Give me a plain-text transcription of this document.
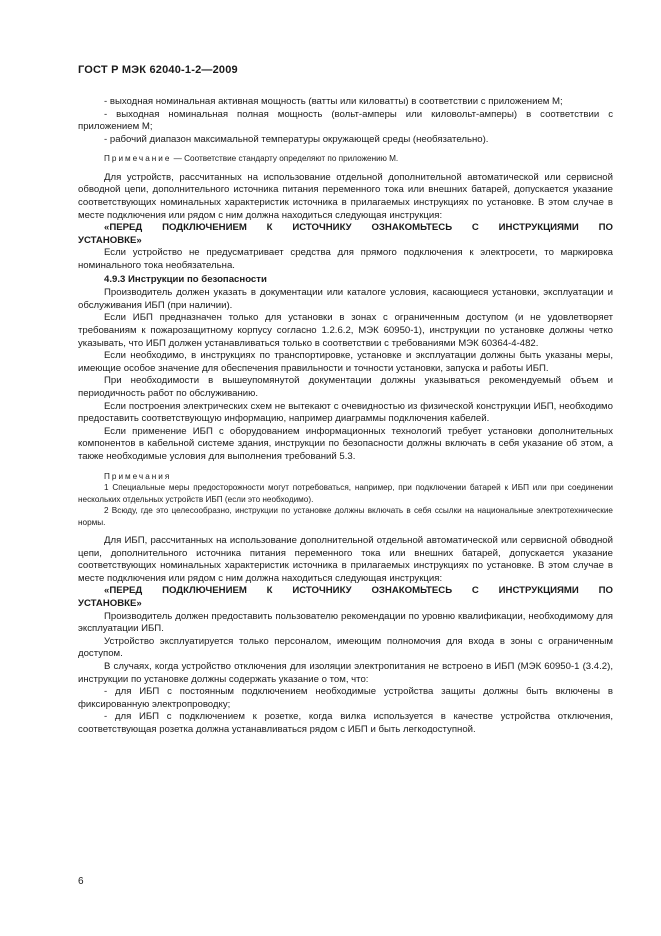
ГОСТ Р МЭК 62040-1-2—2009

- выходная номинальная активная мощность (ватты или киловатты) в соответствии с приложением М;

- выходная номинальная полная мощность (вольт-амперы или киловольт-амперы) в соответствии с приложением М;

- рабочий диапазон максимальной температуры окружающей среды (необязательно).

Примечание — Соответствие стандарту определяют по приложению М.

Для устройств, рассчитанных на использование отдельной дополнительной автоматической или сервисной обводной цепи, дополнительного источника питания переменного тока или внешних батарей, допускается указание соответствующих номинальных характеристик источника в прилагаемых инструкциях по установке. В этом случае в месте подключения или рядом с ним должна находиться следующая инструкция:

«ПЕРЕД ПОДКЛЮЧЕНИЕМ К ИСТОЧНИКУ ОЗНАКОМЬТЕСЬ С ИНСТРУКЦИЯМИ ПО

УСТАНОВКЕ»

Если устройство не предусматривает средства для прямого подключения к электросети, то маркировка номинального тока необязательна.

4.9.3 Инструкции по безопасности

Производитель должен указать в документации или каталоге условия, касающиеся установки, эксплуатации и обслуживания ИБП (при наличии).

Если ИБП предназначен только для установки в зонах с ограниченным доступом (и не удовлетворяет требованиям к пожарозащитному корпусу согласно 1.2.6.2, МЭК 60950-1), инструкции по установке должны четко указывать, что ИБП должен устанавливаться только в соответствии с требованиями МЭК 60364-4-482.

Если необходимо, в инструкциях по транспортировке, установке и эксплуатации должны быть указаны меры, имеющие особое значение для обеспечения правильности и точности установки, запуска и работы ИБП.

При необходимости в вышеупомянутой документации должны указываться рекомендуемый объем и периодичность работ по обслуживанию.

Если построения электрических схем не вытекают с очевидностью из физической конструкции ИБП, необходимо предоставить соответствующую информацию, например диаграммы подключения кабелей.

Если применение ИБП с оборудованием информационных технологий требует установки дополнительных компонентов в кабельной системе здания, инструкции по безопасности должны включать в себя указание об этом, а также необходимые условия для выполнения требований 5.3.

Примечания

1 Специальные меры предосторожности могут потребоваться, например, при подключении батарей к ИБП или при соединении нескольких отдельных устройств ИБП (если это необходимо).

2 Всюду, где это целесообразно, инструкции по установке должны включать в себя ссылки на национальные электротехнические нормы.

Для ИБП, рассчитанных на использование дополнительной отдельной автоматической или сервисной обводной цепи, дополнительного источника питания переменного тока или внешних батарей, допускается указание соответствующих номинальных характеристик источника в прилагаемых инструкциях по установке. В этом случае в месте подключения или рядом с ним должна находиться следующая инструкция:

«ПЕРЕД ПОДКЛЮЧЕНИЕМ К ИСТОЧНИКУ ОЗНАКОМЬТЕСЬ С ИНСТРУКЦИЯМИ ПО

УСТАНОВКЕ»

Производитель должен предоставить пользователю рекомендации по уровню квалификации, необходимому для эксплуатации ИБП.

Устройство эксплуатируется только персоналом, имеющим полномочия для входа в зоны с ограниченным доступом.

В случаях, когда устройство отключения для изоляции электропитания не встроено в ИБП (МЭК 60950-1 (3.4.2), инструкции по установке должны содержать указание о том, что:

- для ИБП с постоянным подключением необходимые устройства защиты должны быть включены в фиксированную электропроводку;

- для ИБП с подключением к розетке, когда вилка используется в качестве устройства отключения, соответствующая розетка должна устанавливаться рядом с ИБП и быть легкодоступной.

6
